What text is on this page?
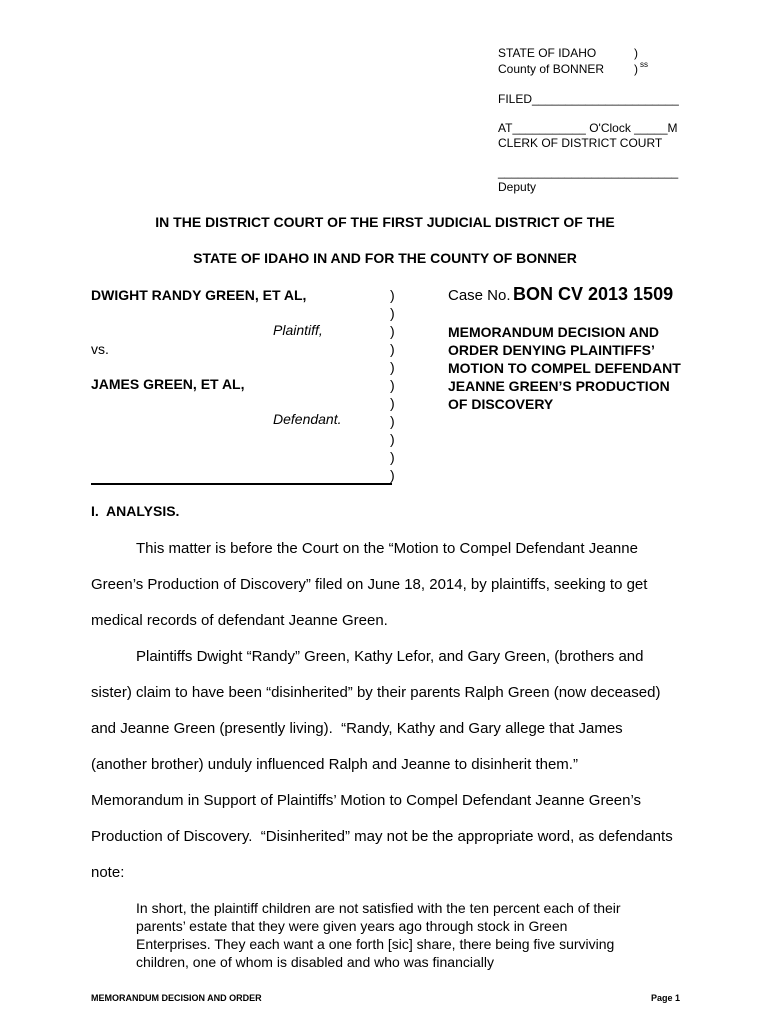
STATE OF IDAHO	)
County of BONNER ) ss
FILED______________________
AT___________ O'Clock _____M
CLERK OF DISTRICT COURT
___________________________
Deputy
IN THE DISTRICT COURT OF THE FIRST JUDICIAL DISTRICT OF THE
STATE OF IDAHO IN AND FOR THE COUNTY OF BONNER
DWIGHT RANDY GREEN, ET AL,
Plaintiff,
vs.
JAMES GREEN, ET AL,
Defendant.
)
)
)
)
)
)
)
)
)
)
)
Case No. BON CV 2013 1509
MEMORANDUM DECISION AND
ORDER DENYING PLAINTIFFS’
MOTION TO COMPEL DEFENDANT
JEANNE GREEN’S PRODUCTION
OF DISCOVERY
I.  ANALYSIS.
This matter is before the Court on the “Motion to Compel Defendant Jeanne
Green’s Production of Discovery” filed on June 18, 2014, by plaintiffs, seeking to get
medical records of defendant Jeanne Green.
Plaintiffs Dwight “Randy” Green, Kathy Lefor, and Gary Green, (brothers and
sister) claim to have been “disinherited” by their parents Ralph Green (now deceased)
and Jeanne Green (presently living).  “Randy, Kathy and Gary allege that James
(another brother) unduly influenced Ralph and Jeanne to disinherit them.”
Memorandum in Support of Plaintiffs’ Motion to Compel Defendant Jeanne Green’s
Production of Discovery.  “Disinherited” may not be the appropriate word, as defendants
note:
In short, the plaintiff children are not satisfied with the ten percent each of their parents’ estate that they were given years ago through stock in Green Enterprises. They each want a one forth [sic] share, there being five surviving children, one of whom is disabled and who was financially
MEMORANDUM DECISION AND ORDER	Page 1
